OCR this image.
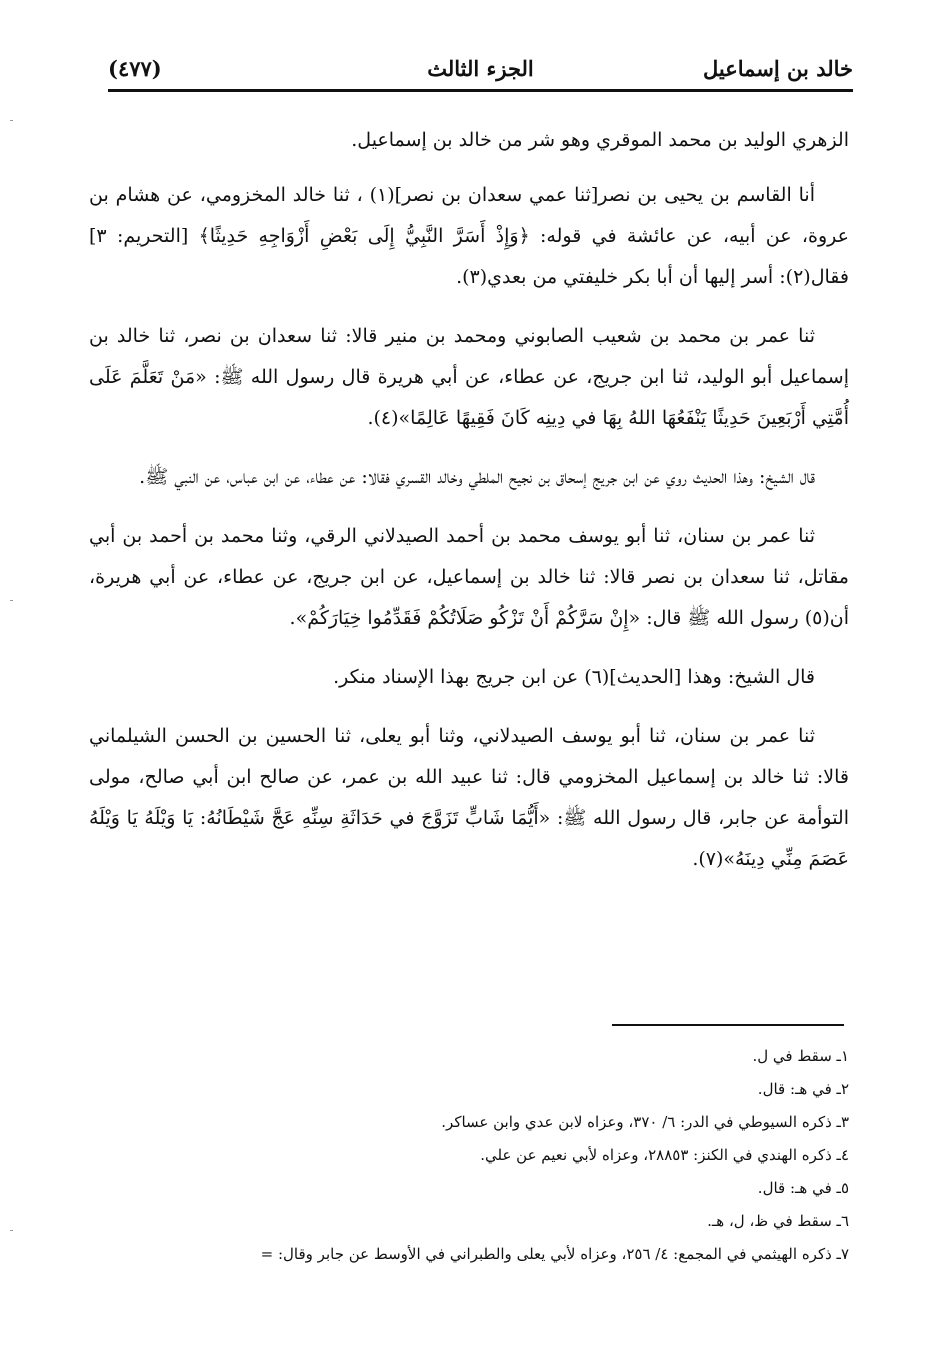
خالد بن إسماعيل
الجزء الثالث
(٤٧٧)

الزهري الوليد بن محمد الموقري وهو شر من خالد بن إسماعيل.

أنا القاسم بن يحيى بن نصر[ثنا عمي سعدان بن نصر](١) ، ثنا خالد المخزومي، عن هشام بن عروة، عن أبيه، عن عائشة في قوله: ﴿وَإِذْ أَسَرَّ النَّبِيُّ إِلَى بَعْضِ أَزْوَاجِهِ حَدِيثًا﴾ [التحريم: ٣] فقال(٢): أسر إليها أن أبا بكر خليفتي من بعدي(٣).

ثنا عمر بن محمد بن شعيب الصابوني ومحمد بن منير قالا: ثنا سعدان بن نصر، ثنا خالد بن إسماعيل أبو الوليد، ثنا ابن جريج، عن عطاء، عن أبي هريرة قال رسول الله ﷺ: «مَنْ تَعَلَّمَ عَلَى أُمَّتِي أَرْبَعِينَ حَدِيثًا يَنْفَعُهَا اللهُ بِهَا في دِينِه كَانَ فَقِيهًا عَالِمًا»(٤).

قال الشيخ: وهذا الحديث روي عن ابن جريج إسحاق بن نجيح الملطي وخالد القسري فقالا: عن عطاء، عن ابن عباس، عن النبي ﷺ.

ثنا عمر بن سنان، ثنا أبو يوسف محمد بن أحمد الصيدلاني الرقي، وثنا محمد بن أحمد بن أبي مقاتل، ثنا سعدان بن نصر قالا: ثنا خالد بن إسماعيل، عن ابن جريج، عن عطاء، عن أبي هريرة، أن(٥) رسول الله ﷺ قال: «إِنْ سَرَّكُمْ أَنْ تَزْكُو صَلَاتُكُمْ فَقَدِّمُوا خِيَارَكُمْ».

قال الشيخ: وهذا [الحديث](٦) عن ابن جريج بهذا الإسناد منكر.

ثنا عمر بن سنان، ثنا أبو يوسف الصيدلاني، وثنا أبو يعلى، ثنا الحسين بن الحسن الشيلماني قالا: ثنا خالد بن إسماعيل المخزومي قال: ثنا عبيد الله بن عمر، عن صالح ابن أبي صالح، مولى التوأمة عن جابر، قال رسول الله ﷺ: «أَيُّمَا شَابٍّ تَزَوَّجَ في حَدَاثَةِ سِنِّهِ عَجَّ شَيْطَانُهُ: يَا وَيْلَهُ يَا وَيْلَهُ عَصَمَ مِنِّي دِينَهُ»(٧).

١ـ سقط في ل.
٢ـ في هـ: قال.
٣ـ ذكره السيوطي في الدر: ٦/ ٣٧٠، وعزاه لابن عدي وابن عساكر.
٤ـ ذكره الهندي في الكنز: ٢٨٨٥٣، وعزاه لأبي نعيم عن علي.
٥ـ في هـ: قال.
٦ـ سقط في ظ، ل، هـ.
٧ـ ذكره الهيثمي في المجمع: ٤/ ٢٥٦، وعزاه لأبي يعلى والطبراني في الأوسط عن جابر وقال: =
